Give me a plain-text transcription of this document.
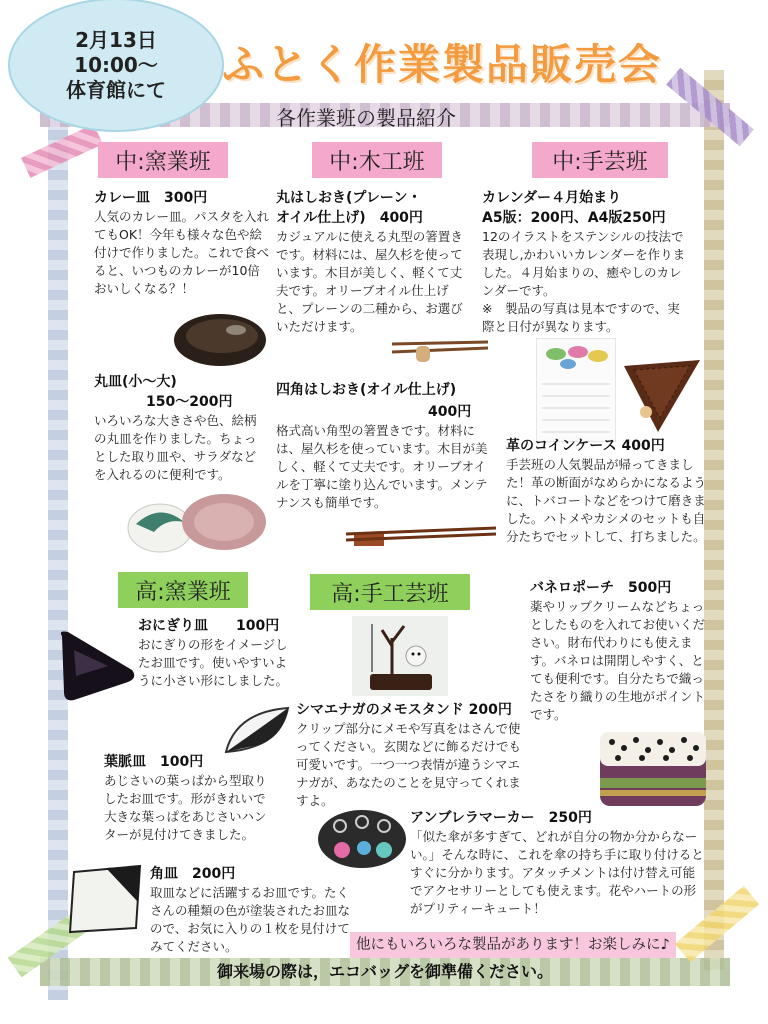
2月13日
10:00〜
体育館にて
ふとく作業製品販売会
各作業班の製品紹介
中:窯業班	中:木工班	中:手芸班
高:窯業班	高:手工芸班
カレー皿　300円
人気のカレー皿。パスタを入れてもOK！今年も様々な色や絵付けで作りました。これで食べると、いつものカレーが10倍おいしくなる？！
丸皿(小〜大)
150〜200円
いろいろな大きさや色、絵柄の丸皿を作りました。ちょっとした取り皿や、サラダなどを入れるのに便利です。
丸はしおき(プレーン・
オイル仕上げ)　400円
カジュアルに使える丸型の箸置きです。材料には、屋久杉を使っています。木目が美しく、軽くて丈夫です。オリーブオイル仕上げと、プレーンの二種から、お選びいただけます。
四角はしおき(オイル仕上げ)
400円
格式高い角型の箸置きです。材料には、屋久杉を使っています。木目が美しく、軽くて丈夫です。オリーブオイルを丁寧に塗り込んでいます。メンテナンスも簡単です。
カレンダー４月始まり
A5版：200円、A4版250円
12のイラストをステンシルの技法で表現し,かわいいカレンダーを作りました。４月始まりの、癒やしのカレンダーです。
※　製品の写真は見本ですので、実際と日付が異なります。
革のコインケース 400円
手芸班の人気製品が帰ってきました！革の断面がなめらかになるように、トバコートなどをつけて磨きました。ハトメやカシメのセットも自分たちでセットして、打ちました。
おにぎり皿　　100円
おにぎりの形をイメージしたお皿です。使いやすいように小さい形にしました。
葉脈皿　100円
あじさいの葉っぱから型取りしたお皿です。形がきれいで大きな葉っぱをあじさいハンターが見付けてきました。
角皿　200円
取皿などに活躍するお皿です。たくさんの種類の色が塗装されたお皿なので、お気に入りの１枚を見付けてみてください。
シマエナガのメモスタンド 200円
クリップ部分にメモや写真をはさんで使ってください。玄関などに飾るだけでも可愛いです。一つ一つ表情が違うシマエナガが、あなたのことを見守ってくれますよ。
アンブレラマーカー　250円
「似た傘が多すぎて、どれが自分の物か分からなーい。」そんな時に、これを傘の持ち手に取り付けるとすぐに分かります。アタッチメントは付け替え可能でアクセサリーとしても使えます。花やハートの形がプリティーキュート！
バネロポーチ　500円
薬やリップクリームなどちょっとしたものを入れてお使いください。財布代わりにも使えます。バネロは開閉しやすく、とても便利です。自分たちで織ったさをり織りの生地がポイントです。
他にもいろいろな製品があります！お楽しみに♪
御来場の際は，エコバッグを御準備ください。
